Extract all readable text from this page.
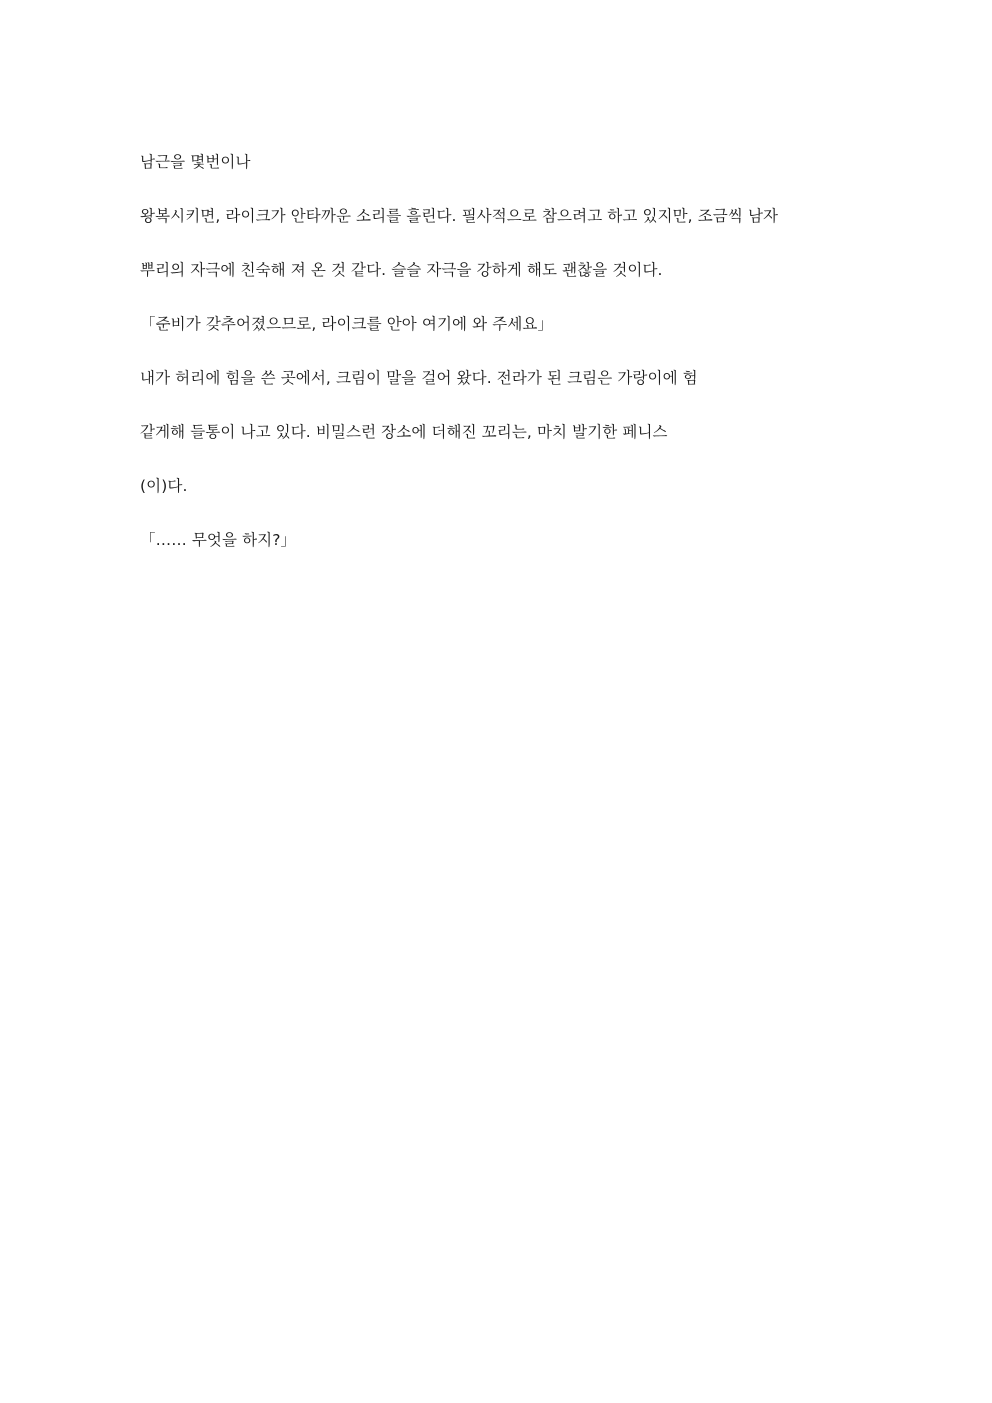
남근을 몇번이나

왕복시키면, 라이크가 안타까운 소리를 흘린다. 필사적으로 참으려고 하고 있지만, 조금씩 남자

뿌리의 자극에 친숙해 져 온 것 같다. 슬슬 자극을 강하게 해도 괜찮을 것이다.

「준비가 갖추어졌으므로, 라이크를 안아 여기에 와 주세요」

내가 허리에 힘을 쓴 곳에서, 크림이 말을 걸어 왔다. 전라가 된 크림은 가랑이에 험

같게해 들통이 나고 있다. 비밀스런 장소에 더해진 꼬리는, 마치 발기한 페니스

(이)다.

「…… 무엇을 하지?」
